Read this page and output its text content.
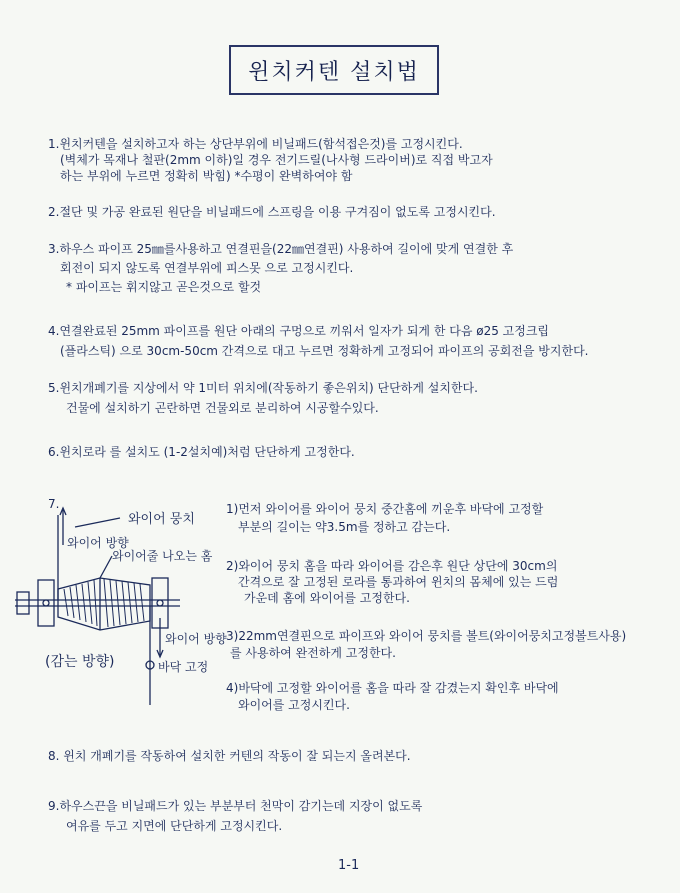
윈치커텐 설치법
1.윈치커텐을 설치하고자 하는 상단부위에 비닐패드(함석접은것)를 고정시킨다.
(벽체가 목재나 철판(2mm 이하)일 경우 전기드릴(나사형 드라이버)로 직접 박고자
하는 부위에 누르면 정확히 박힘) *수평이 완벽하여야 함
2.절단 및 가공 완료된 원단을 비닐패드에 스프링을 이용 구겨짐이 없도록 고정시킨다.
3.하우스 파이프 25㎜를사용하고 연결핀을(22㎜연결핀) 사용하여 길이에 맞게 연결한 후
회전이 되지 않도록 연결부위에 피스못 으로 고정시킨다.
* 파이프는 휘지않고 곧은것으로 할것
4.연결완료된 25mm 파이프를 원단 아래의 구멍으로 끼워서 일자가 되게 한 다음 ø25 고정크립
(플라스틱) 으로 30cm-50cm 간격으로 대고 누르면 정확하게 고정되어 파이프의 공회전을 방지한다.
5.윈치개폐기를 지상에서 약 1미터 위치에(작동하기 좋은위치) 단단하게 설치한다.
건물에 설치하기 곤란하면 건물외로 분리하여 시공할수있다.
6.윈치로라 를 설치도 (1-2설치예)처럼 단단하게 고정한다.
7.
와이어 뭉치
와이어 방향
와이어줄 나오는 홈
와이어 방향
(감는 방향)	바닥 고정
1)먼저 와이어를 와이어 뭉치 중간홈에 끼운후 바닥에 고정할
부분의 길이는 약3.5m를 정하고 감는다.
2)와이어 뭉치 홈을 따라 와이어를 감은후 원단 상단에 30cm의
간격으로 잘 고정된 로라를 통과하여 윈치의 몸체에 있는 드럼
가운데 홈에 와이어를 고정한다.
3)22mm연결핀으로 파이프와 와이어 뭉치를 볼트(와이어뭉치고정볼트사용)
를 사용하여 완전하게 고정한다.
4)바닥에 고정할 와이어를 홈을 따라 잘 감겼는지 확인후 바닥에
와이어를 고정시킨다.
8. 윈치 개폐기를 작동하여 설치한 커텐의 작동이 잘 되는지 올려본다.
9.하우스끈을 비닐패드가 있는 부분부터 천막이 감기는데 지장이 없도록
여유를 두고 지면에 단단하게 고정시킨다.
1-1
